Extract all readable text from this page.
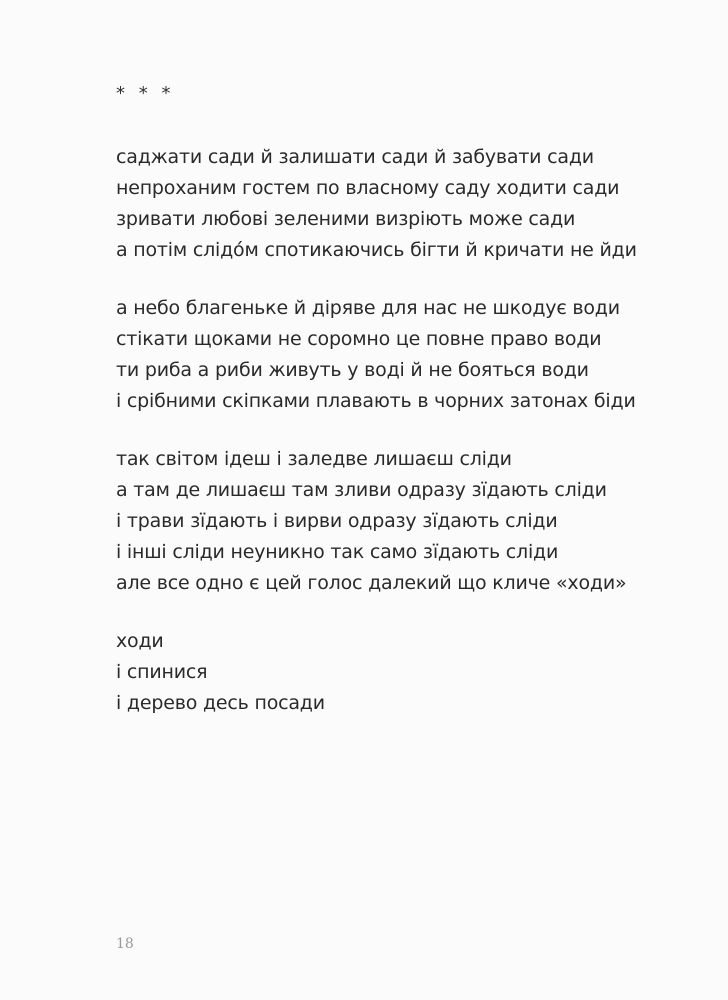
* * *
саджати сади й залишати сади й забувати сади
непроханим гостем по власному саду ходити сади
зривати любові зеленими визріють може сади
а потім слідо́м спотикаючись бігти й кричати не йди
а небо благеньке й діряве для нас не шкодує води
стікати щоками не соромно це повне право води
ти риба а риби живуть у воді й не бояться води
і срібними скіпками плавають в чорних затонах біди
так світом ідеш і заледве лишаєш сліди
а там де лишаєш там зливи одразу зїдають сліди
і трави зїдають і вирви одразу зїдають сліди
і інші сліди неуникно так само зїдають сліди
але все одно є цей голос далекий що кличе «ходи»
ходи
і спинися
і дерево десь посади
18
